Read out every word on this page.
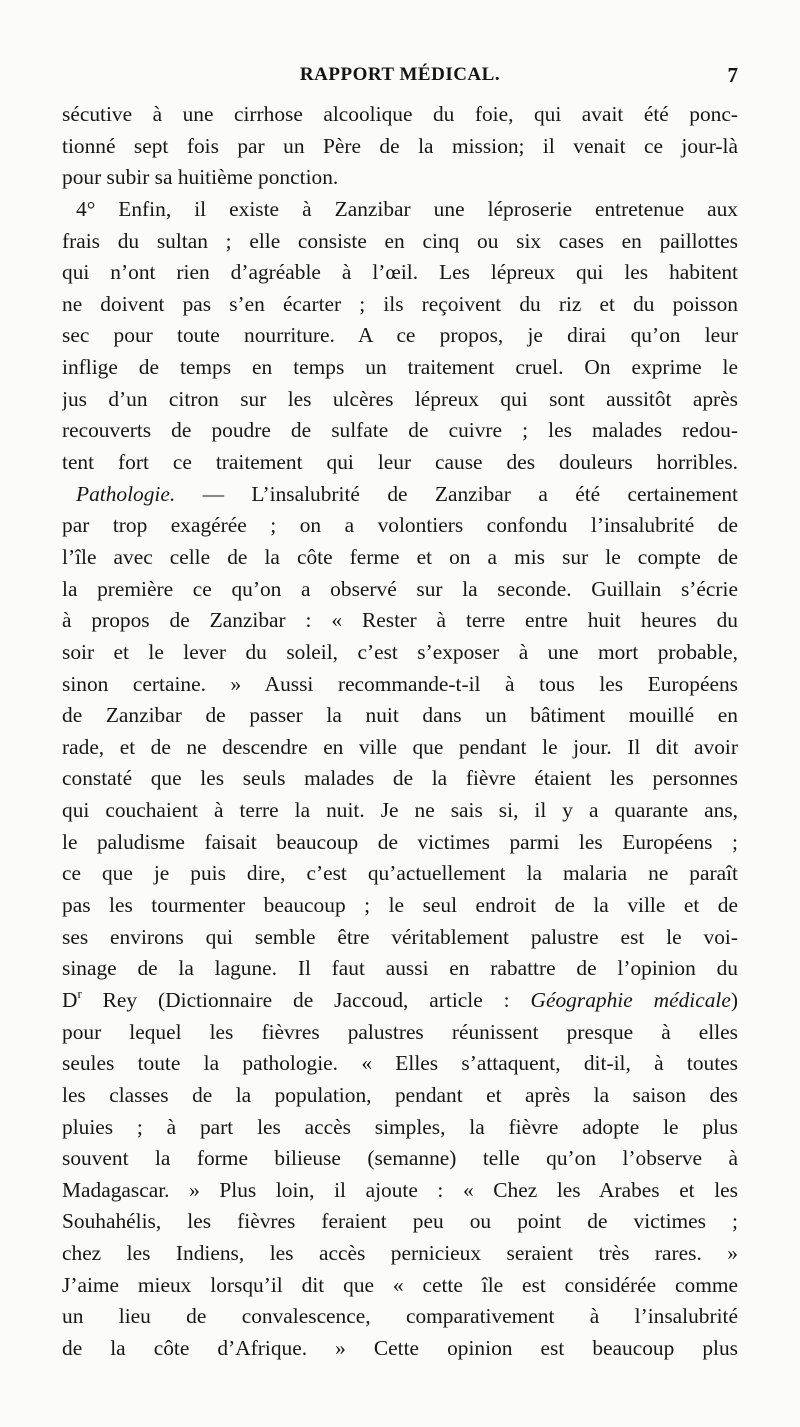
RAPPORT MÉDICAL.	7
sécutive à une cirrhose alcoolique du foie, qui avait été ponc-
tionné sept fois par un Père de la mission; il venait ce jour-là
pour subir sa huitième ponction.
4° Enfin, il existe à Zanzibar une léproserie entretenue aux
frais du sultan ; elle consiste en cinq ou six cases en paillottes
qui n’ont rien d’agréable à l’œil. Les lépreux qui les habitent
ne doivent pas s’en écarter ; ils reçoivent du riz et du poisson
sec pour toute nourriture. A ce propos, je dirai qu’on leur
inflige de temps en temps un traitement cruel. On exprime le
jus d’un citron sur les ulcères lépreux qui sont aussitôt après
recouverts de poudre de sulfate de cuivre ; les malades redou-
tent fort ce traitement qui leur cause des douleurs horribles.
Pathologie. — L’insalubrité de Zanzibar a été certainement
par trop exagérée ; on a volontiers confondu l’insalubrité de
l’île avec celle de la côte ferme et on a mis sur le compte de
la première ce qu’on a observé sur la seconde. Guillain s’écrie
à propos de Zanzibar : « Rester à terre entre huit heures du
soir et le lever du soleil, c’est s’exposer à une mort probable,
sinon certaine. » Aussi recommande-t-il à tous les Européens
de Zanzibar de passer la nuit dans un bâtiment mouillé en
rade, et de ne descendre en ville que pendant le jour. Il dit avoir
constaté que les seuls malades de la fièvre étaient les personnes
qui couchaient à terre la nuit. Je ne sais si, il y a quarante ans,
le paludisme faisait beaucoup de victimes parmi les Européens ;
ce que je puis dire, c’est qu’actuellement la malaria ne paraît
pas les tourmenter beaucoup ; le seul endroit de la ville et de
ses environs qui semble être véritablement palustre est le voi-
sinage de la lagune. Il faut aussi en rabattre de l’opinion du
$D^r$ Rey (Dictionnaire de Jaccoud, article : Géographie médicale)
pour lequel les fièvres palustres réunissent presque à elles
seules toute la pathologie. « Elles s’attaquent, dit-il, à toutes
les classes de la population, pendant et après la saison des
pluies ; à part les accès simples, la fièvre adopte le plus
souvent la forme bilieuse (semanne) telle qu’on l’observe à
Madagascar. » Plus loin, il ajoute : « Chez les Arabes et les
Souhahélis, les fièvres feraient peu ou point de victimes ;
chez les Indiens, les accès pernicieux seraient très rares. »
J’aime mieux lorsqu’il dit que « cette île est considérée comme
un lieu de convalescence, comparativement à l’insalubrité
de la côte d’Afrique. » Cette opinion est beaucoup plus
